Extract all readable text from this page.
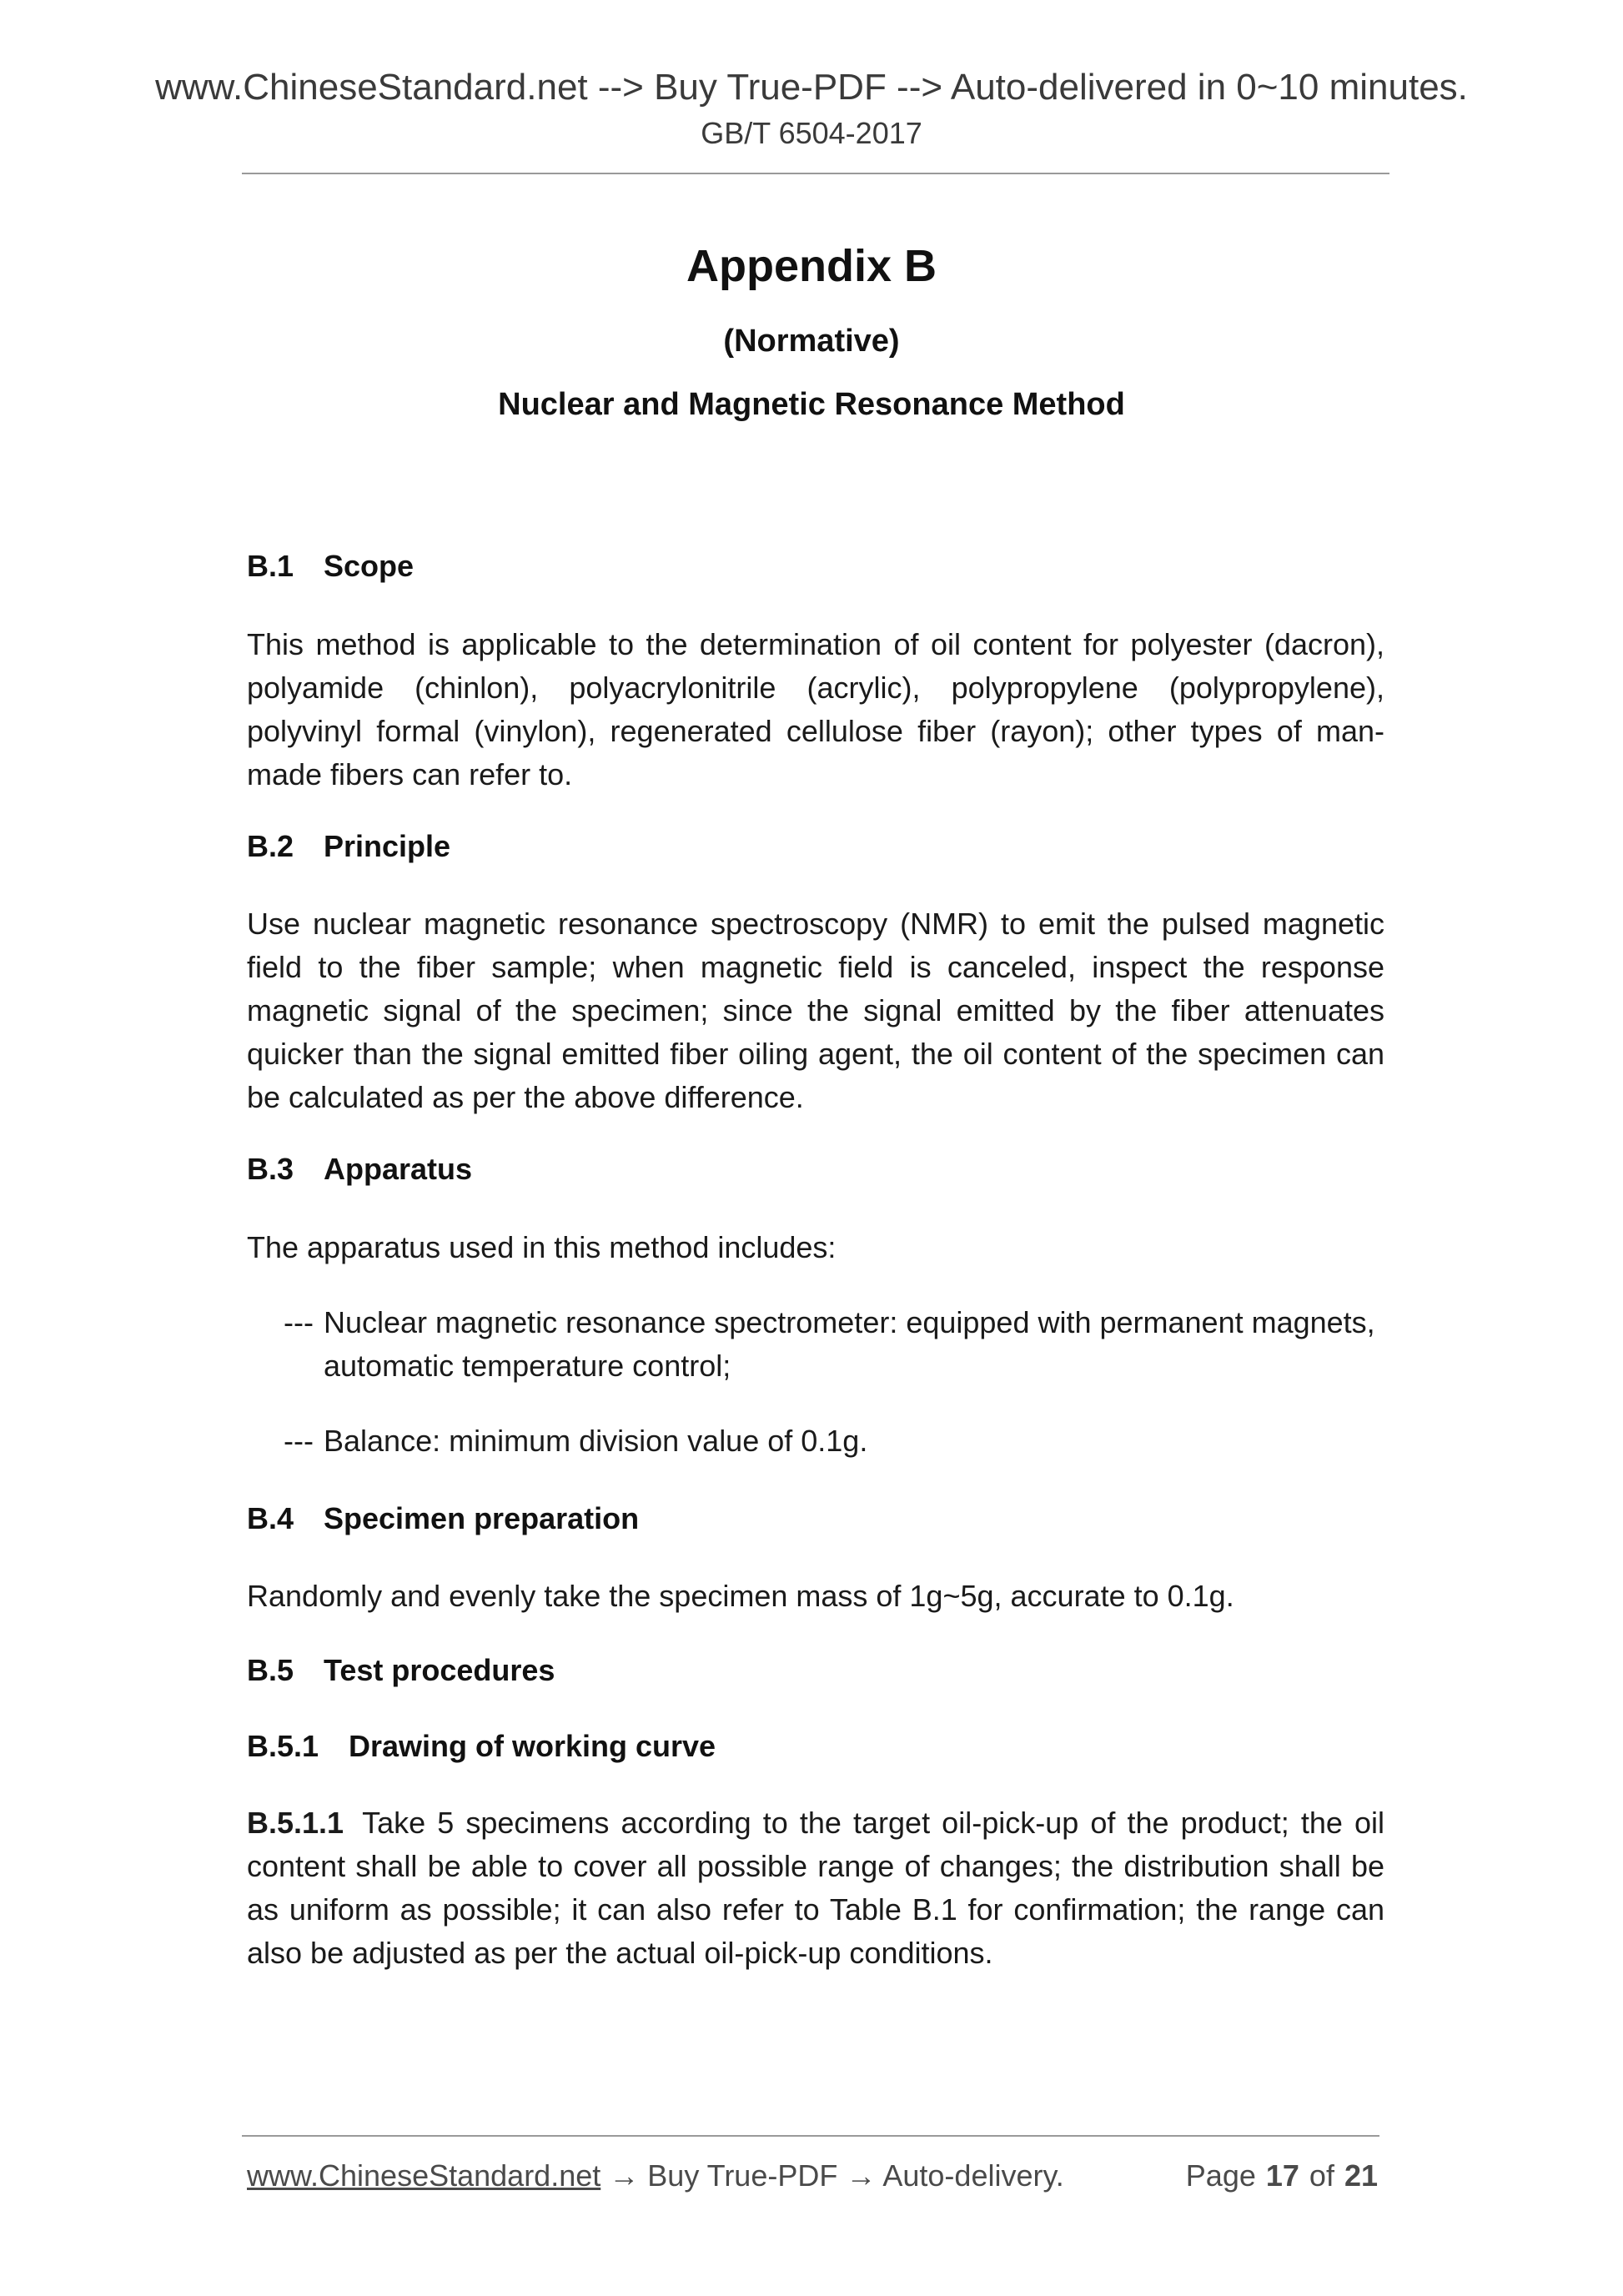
www.ChineseStandard.net --> Buy True-PDF --> Auto-delivered in 0~10 minutes.
GB/T 6504-2017
Appendix B
(Normative)
Nuclear and Magnetic Resonance Method
B.1 Scope
This method is applicable to the determination of oil content for polyester (dacron), polyamide (chinlon), polyacrylonitrile (acrylic), polypropylene (polypropylene), polyvinyl formal (vinylon), regenerated cellulose fiber (rayon); other types of man-made fibers can refer to.
B.2 Principle
Use nuclear magnetic resonance spectroscopy (NMR) to emit the pulsed magnetic field to the fiber sample; when magnetic field is canceled, inspect the response magnetic signal of the specimen; since the signal emitted by the fiber attenuates quicker than the signal emitted fiber oiling agent, the oil content of the specimen can be calculated as per the above difference.
B.3 Apparatus
The apparatus used in this method includes:
--- Nuclear magnetic resonance spectrometer: equipped with permanent magnets,
automatic temperature control;
--- Balance: minimum division value of 0.1g.
B.4 Specimen preparation
Randomly and evenly take the specimen mass of 1g~5g, accurate to 0.1g.
B.5 Test procedures
B.5.1 Drawing of working curve
B.5.1.1 Take 5 specimens according to the target oil-pick-up of the product; the oil content shall be able to cover all possible range of changes; the distribution shall be as uniform as possible; it can also refer to Table B.1 for confirmation; the range can also be adjusted as per the actual oil-pick-up conditions.
www.ChineseStandard.net → Buy True-PDF → Auto-delivery.	Page 17 of 21
